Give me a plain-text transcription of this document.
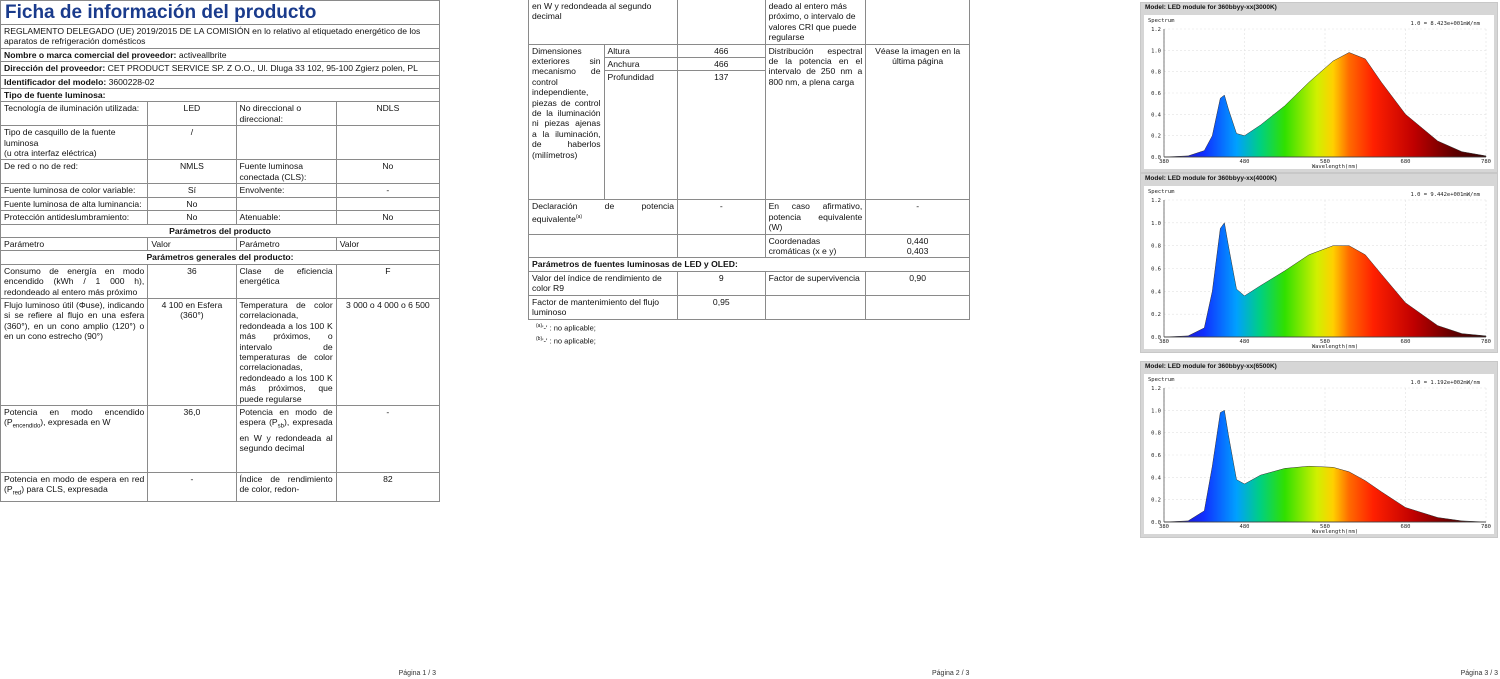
Ficha de información del producto			
REGLAMENTO DELEGADO (UE) 2019/2015 DE LA COMISIÓN en lo relativo al etiquetado energético de los aparatos de refrigeración domésticos			
Nombre o marca comercial del proveedor: activeallbrite			
Dirección del proveedor: CET PRODUCT SERVICE SP. Z O.O., Ul. Dluga 33 102, 95-100 Zgierz polen, PL			
Identificador del modelo: 3600228-02			
Tipo de fuente luminosa:			
Tecnología de iluminación utilizada:	LED	No direccional o direccional:	NDLS
Tipo de casquillo de la fuente luminosa
(u otra interfaz eléctrica)	/		
De red o no de red:	NMLS	Fuente luminosa conectada (CLS):	No
Fuente luminosa de color variable:	Sí	Envolvente:	-
Fuente luminosa de alta luminancia:	No		
Protección antideslumbramiento:	No	Atenuable:	No
Parámetros del producto			
Parámetro	Valor	Parámetro	Valor
Parámetros generales del producto:			
Consumo de energía en modo encendido (kWh / 1 000 h), redondeado al entero más próximo	36	Clase de eficiencia energética	F
Flujo luminoso útil (Φuse), indicando si se refiere al flujo en una esfera (360°), en un cono amplio (120°) o en un cono estrecho (90°)	4 100 en Esfera (360°)	Temperatura de color correlacionada, redondeada a los 100 K más próximos, o intervalo de temperaturas de color correlacionadas, redondeado a los 100 K más próximos, que puede regularse	3 000 o 4 000 o 6 500
Potencia en modo encendido $(P_{encendido})$, expresada en W	36,0	Potencia en modo de espera $(P_{sb})$, expresada en W y redondeada al segundo decimal	-
Potencia en modo de espera en red $(P_{red})$ para CLS, expresada	-	Índice de rendimiento de color, redon-	82
Página 1 / 3
en W y redondeada al segundo decimal			deado al entero más próximo, o intervalo de valores CRI que puede regularse	
Dimensiones exteriores sin mecanismo de control independiente, piezas de control de la iluminación ni piezas ajenas a la iluminación, de haberlos (milímetros)	Altura	466	Distribución espectral de la potencia en el intervalo de 250 nm a 800 nm, a plena carga	Véase la imagen en la última página
	Anchura	466		
	Profundidad	137		
Declaración de potencia equivalente$^{(a)}$		-	En caso afirmativo, potencia equivalente (W)	-
			Coordenadas cromáticas (x e y)	0,440
0,403
Parámetros de fuentes luminosas de LED y OLED:				
Valor del índice de rendimiento de color R9		9	Factor de supervivencia	0,90
Factor de mantenimiento del flujo luminoso		0,95		
$^{(a)}$'-' : no aplicable;
$^{(b)}$'-' : no aplicable;
Página 2 / 3
Model: LED module for 360bbyy-xx(3000K)
0.0
0.2
0.4
0.6
0.8
1.0
1.2
380	480	580	680	780
Spectrum	1.0 = 8.423e+001mW/nm
Wavelength(nm)
Model: LED module for 360bbyy-xx(4000K)
0.0
0.2
0.4
0.6
0.8
1.0
1.2
380	480	580	680	780
Spectrum	1.0 = 9.442e+001mW/nm
Wavelength(nm)
Model: LED module for 360bbyy-xx(6500K)
0.0
0.2
0.4
0.6
0.8
1.0
1.2
380	480	580	680	780
Spectrum	1.0 = 1.192e+002mW/nm
Wavelength(nm)
Página 3 / 3
